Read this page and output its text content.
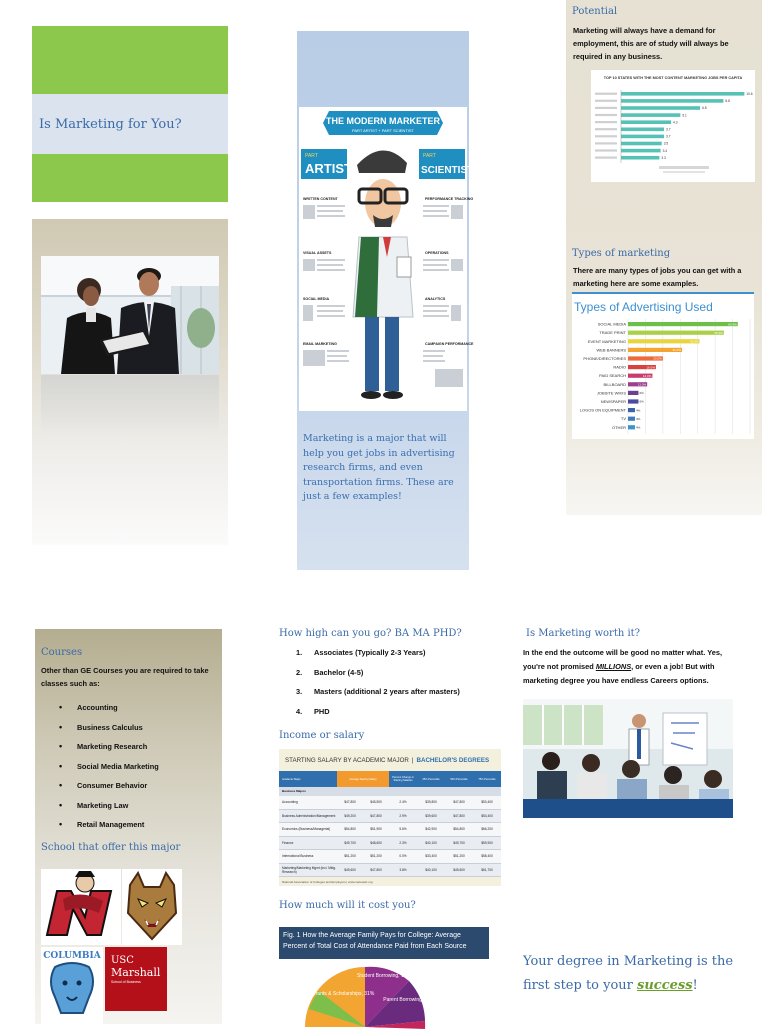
Is Marketing for You?	THE MODERN MARKETER
PART ARTIST + PART SCIENTIST
PART
ARTIST
PART
SCIENTIST
WRITTEN CONTENT
VISUAL ASSETS
SOCIAL MEDIA
EMAIL MARKETING
PERFORMANCE TRACKING
OPERATIONS
ANALYTICS
CAMPAIGN PERFORMANCE

Marketing is a major that will help you get jobs in advertising research firms, and even transportation firms. These are just a few examples!

Potential

Marketing will always have a demand for employment, this are of study will always be required in any business.

TOP 10 STATES WITH THE MOST CONTENT MARKETING JOBS PER CAPITA
10.6
8.8
6.8
5.1
4.3
3.7
3.7
3.5
3.4
3.3
Types of marketing

There are many types of jobs you can get with a marketing here are some examples.

Types of Advertising Used
SOCIAL MEDIA	63.0%
TRADE PRINT	55.0%
EVENT MARKETING	41.0%
WEB BANNERS	31.0%
PHONE/DIRECTORIES	20.0%
RADIO	16.0%
PAID SEARCH	14.0%
BILLBOARD	11.0%
JOBSITE WIKIS	6%
NEWSPAPER	6%
LOGOS ON EQUIPMENT	4%
TV	4%
OTHER	4%
Courses

Other than GE Courses you are required to take classes such as:

• Accounting
• Business Calculus
• Marketing Research
• Social Media Marketing
• Consumer Behavior
• Marketing Law
• Retail Management
School that offer this major
COLUMBIA USC
Marshall
School of Business
How high can you go? BA MA PHD?
1. Associates (Typically 2-3 Years)
2. Bachelor (4-5)
3. Masters (additional 2 years after masters)
4. PHD
Income or salary
STARTING SALARY BY ACADEMIC MAJOR | BACHELOR'S DEGREES
Academic Major	Average Starting Salary	Percent Change in Starting Salaries	25th Percentile	50th Percentile	75th Percentile
Business Majors
Accounting	$47,800	$45,500	2.4%	$39,800	$47,800	$53,400
Business Administration/Management	$49,200	$47,800	2.9%	$39,600	$47,800	$53,400
Economics (Business/Managerial)	$54,800	$51,900	5.6%	$42,900	$54,800	$66,200
Finance	$49,700	$48,600	2.3%	$40,100	$49,700	$59,900
International Business	$51,200	$51,200	0.0%	$33,400	$51,200	$58,400
Marketing/Marketing Mgmt (incl. Mktg. Research)	$49,600	$47,800	3.8%	$40,100	$49,600	$61,700
National Association of Colleges and Employers | www.naceweb.org
How much will it cost you?
Fig. 1 How the Average Family Pays for College: Average Percent of Total Cost of Attendance Paid from Each Source
Student Borrowing, 13%
Grants & Scholarships, 31%
Parent Borrowing, 10%
Is Marketing worth it?

In the end the outcome will be good no matter what. Yes, you're not promised MILLIONS, or even a job! But with marketing degree you have endless Careers options.

Your degree in Marketing is the first step to your success!
